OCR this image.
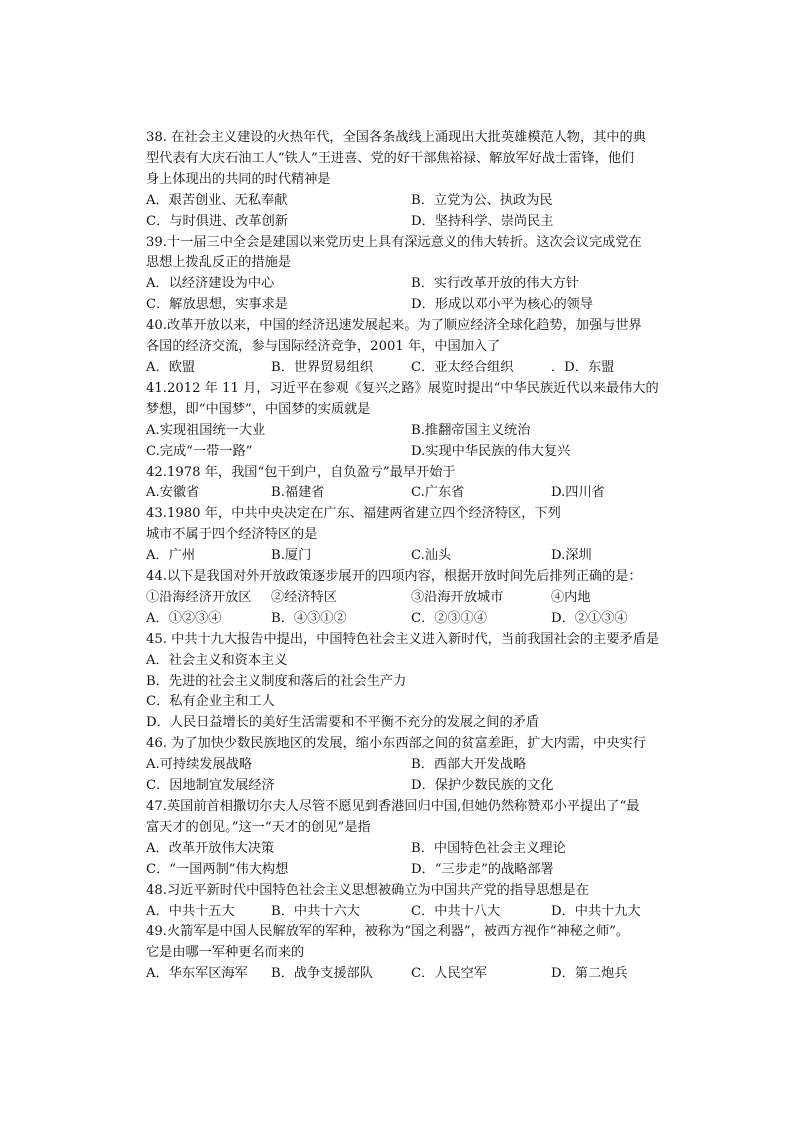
38. 在社会主义建设的火热年代，全国各条战线上涌现出大批英雄模范人物，其中的典
型代表有大庆石油工人“铁人”王进喜、党的好干部焦裕禄、解放军好战士雷锋，他们
身上体现出的共同的时代精神是

A．艰苦创业、无私奉献	B．立党为公、执政为民
C．与时俱进、改革创新	D．坚持科学、崇尚民主

39.十一届三中全会是建国以来党历史上具有深远意义的伟大转折。这次会议完成党在
思想上拨乱反正的措施是

A．以经济建设为中心	B．实行改革开放的伟大方针
C．解放思想，实事求是	D．形成以邓小平为核心的领导

40.改革开放以来，中国的经济迅速发展起来。为了顺应经济全球化趋势，加强与世界
各国的经济交流，参与国际经济竞争，2001 年，中国加入了

A．欧盟	B．世界贸易组织	C．亚太经合组织	．D．东盟

41.2012 年 11 月，习近平在参观《复兴之路》展览时提出“中华民族近代以来最伟大的
梦想，即“中国梦”，中国梦的实质就是

A.实现祖国统一大业	B.推翻帝国主义统治
C.完成“一带一路”	D.实现中华民族的伟大复兴

42.1978 年，我国“包干到户，自负盈亏”最早开始于

A.安徽省	B.福建省	C.广东省	D.四川省

43.1980 年，中共中央决定在广东、福建两省建立四个经济特区，下列
城市不属于四个经济特区的是

A．广州	B.厦门	C.汕头	D.深圳

44.以下是我国对外开放政策逐步展开的四项内容，根据开放时间先后排列正确的是：

①沿海经济开放区	②经济特区	③沿海开放城市	④内地
A．①②③④	B．④③①②	C．②③①④	D．②①③④

45. 中共十九大报告中提出，中国特色社会主义进入新时代，当前我国社会的主要矛盾是

A．社会主义和资本主义
B．先进的社会主义制度和落后的社会生产力
C．私有企业主和工人
D．人民日益增长的美好生活需要和不平衡不充分的发展之间的矛盾

46. 为了加快少数民族地区的发展，缩小东西部之间的贫富差距，扩大内需，中央实行

A.可持续发展战略	B．西部大开发战略
C．因地制宜发展经济	D．保护少数民族的文化

47.英国前首相撒切尔夫人尽管不愿见到香港回归中国,但她仍然称赞邓小平提出了“最
富天才的创见。”这一“天才的创见”是指

A．改革开放伟大决策	B．中国特色社会主义理论
C．“一国两制”伟大构想	D．“三步走”的战略部署

48.习近平新时代中国特色社会主义思想被确立为中国共产党的指导思想是在

A．中共十五大	B．中共十六大	C．中共十八大	D．中共十九大

49.火箭军是中国人民解放军的军种，被称为“国之利器”，被西方视作“神秘之师”。
它是由哪一军种更名而来的

A．华东军区海军	B．战争支援部队	C．人民空军	D．第二炮兵
